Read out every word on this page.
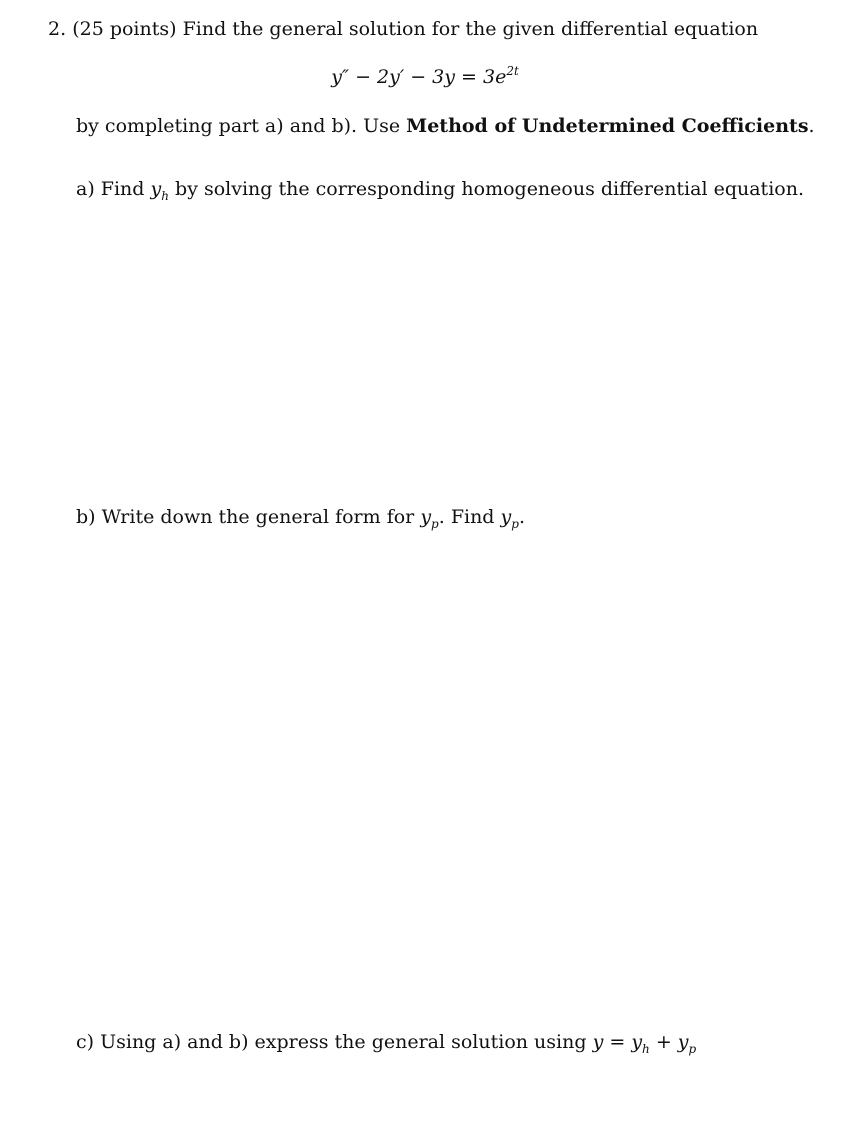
2. (25 points) Find the general solution for the given differential equation
$y'' - 2y' - 3y = 3e^{2t}$
by completing part a) and b). Use Method of Undetermined Coefficients.
a) Find $y_h$ by solving the corresponding homogeneous differential equation.
b) Write down the general form for $y_p$. Find $y_p$.
c) Using a) and b) express the general solution using $y = y_h + y_p$
